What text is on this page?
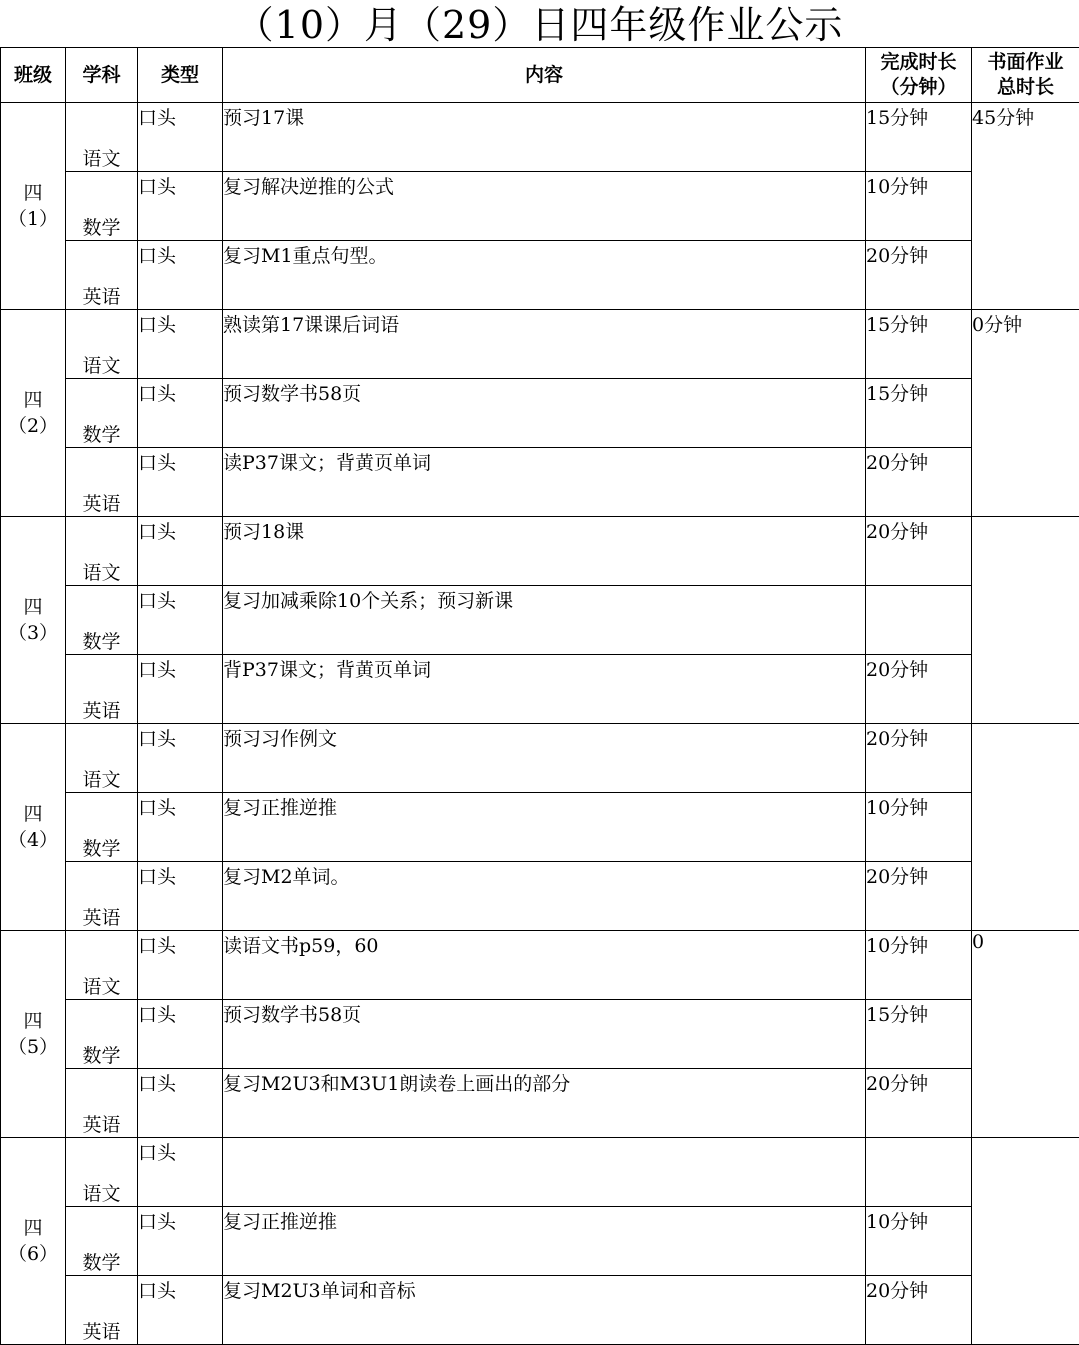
（10）月（29）日四年级作业公示
班级	学科	类型	内容	完成时长
（分钟）	书面作业
总时长

四
（1）	语文	口头	预习17课	15分钟	45分钟
	数学	口头	复习解决逆推的公式	10分钟	
	英语	口头	复习M1重点句型。	20分钟	

四
（2）	语文	口头	熟读第17课课后词语	15分钟	0分钟
	数学	口头	预习数学书58页	15分钟	
	英语	口头	读P37课文；背黄页单词	20分钟	

四
（3）	语文	口头	预习18课	20分钟	
	数学	口头	复习加减乘除10个关系；预习新课		
	英语	口头	背P37课文；背黄页单词	20分钟	

四
（4）	语文	口头	预习习作例文	20分钟	
	数学	口头	复习正推逆推	10分钟	
	英语	口头	复习M2单词。	20分钟	

四
（5）	语文	口头	读语文书p59，60	10分钟	0
	数学	口头	预习数学书58页	15分钟	
	英语	口头	复习M2U3和M3U1朗读卷上画出的部分	20分钟	

四
（6）	语文	口头			
	数学	口头	复习正推逆推	10分钟	
	英语	口头	复习M2U3单词和音标	20分钟	
